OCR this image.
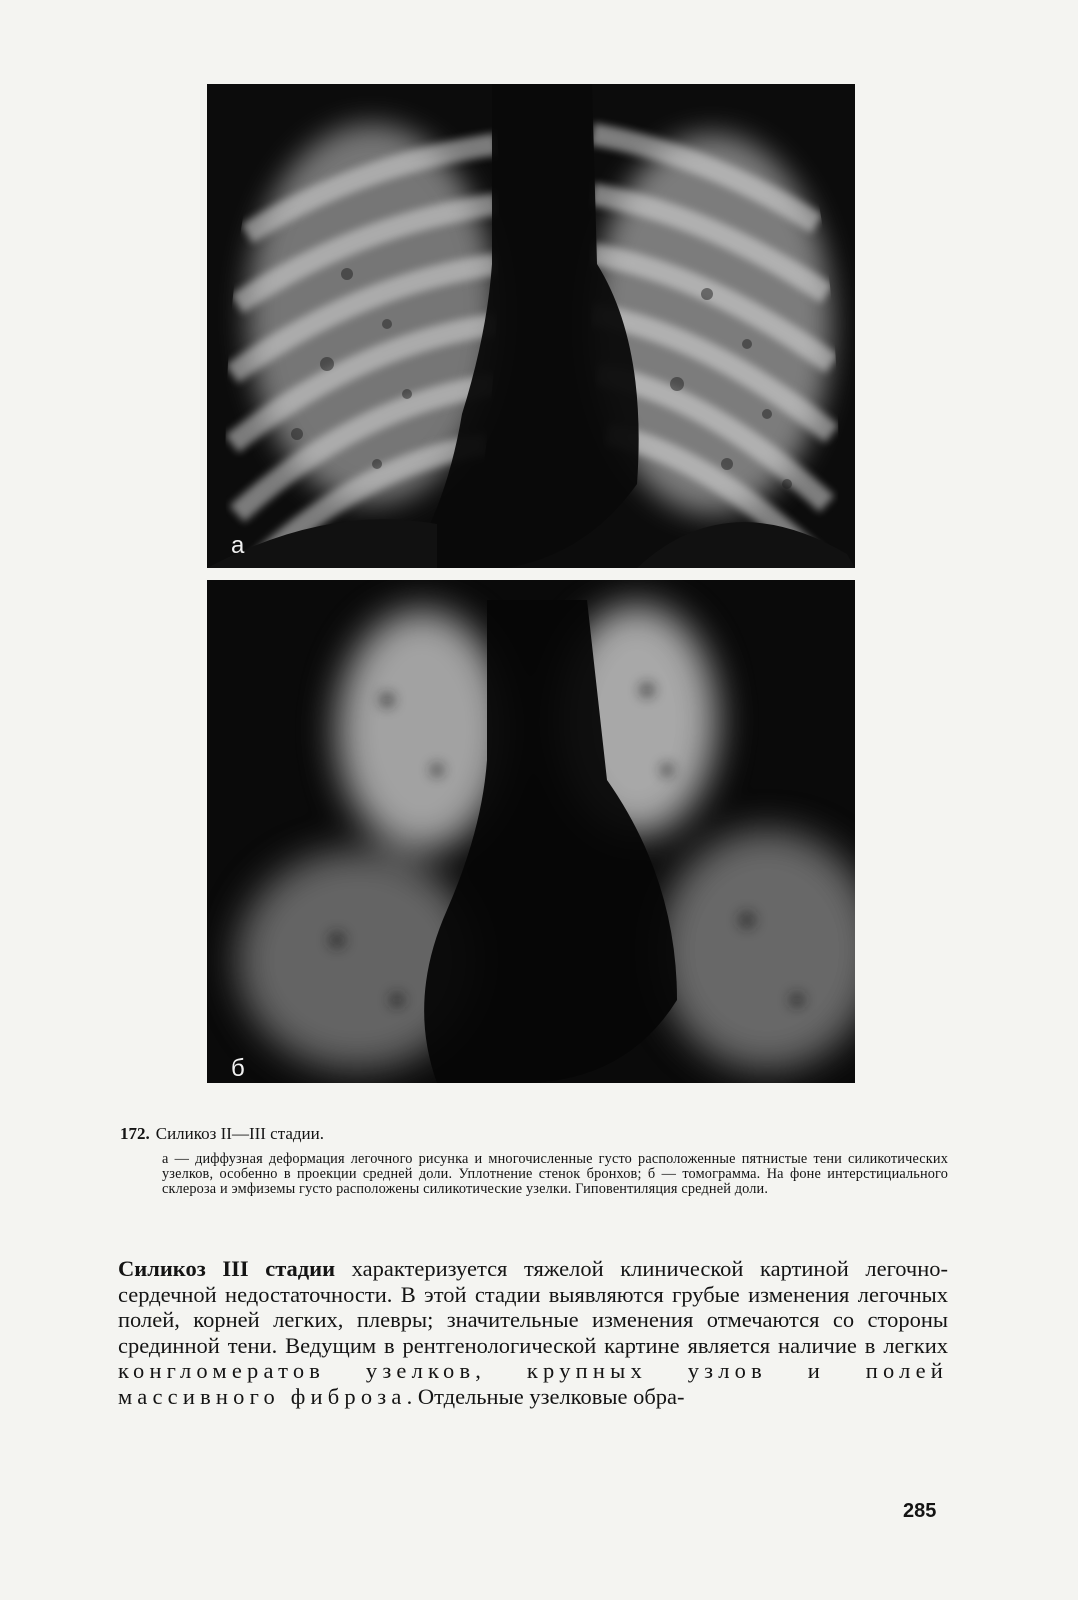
а
б
172. Силикоз II—III стадии.
а — диффузная деформация легочного рисунка и многочисленные густо расположенные пятнистые тени силикотических узелков, особенно в проекции средней доли. Уплотнение стенок бронхов; б — томограмма. На фоне интерстициального склероза и эмфиземы густо расположены силикотические узелки. Гиповентиляция средней доли.
Силикоз III стадии характеризуется тяжелой клинической картиной легочно-сердечной недостаточности. В этой стадии выявляются грубые изменения легочных полей, корней легких, плевры; значительные изменения отмечаются со стороны срединной тени. Ведущим в рентгенологической картине является наличие в легких конгломератов узелков, крупных узлов и полей массивного фиброза. Отдельные узелковые обра-
285
